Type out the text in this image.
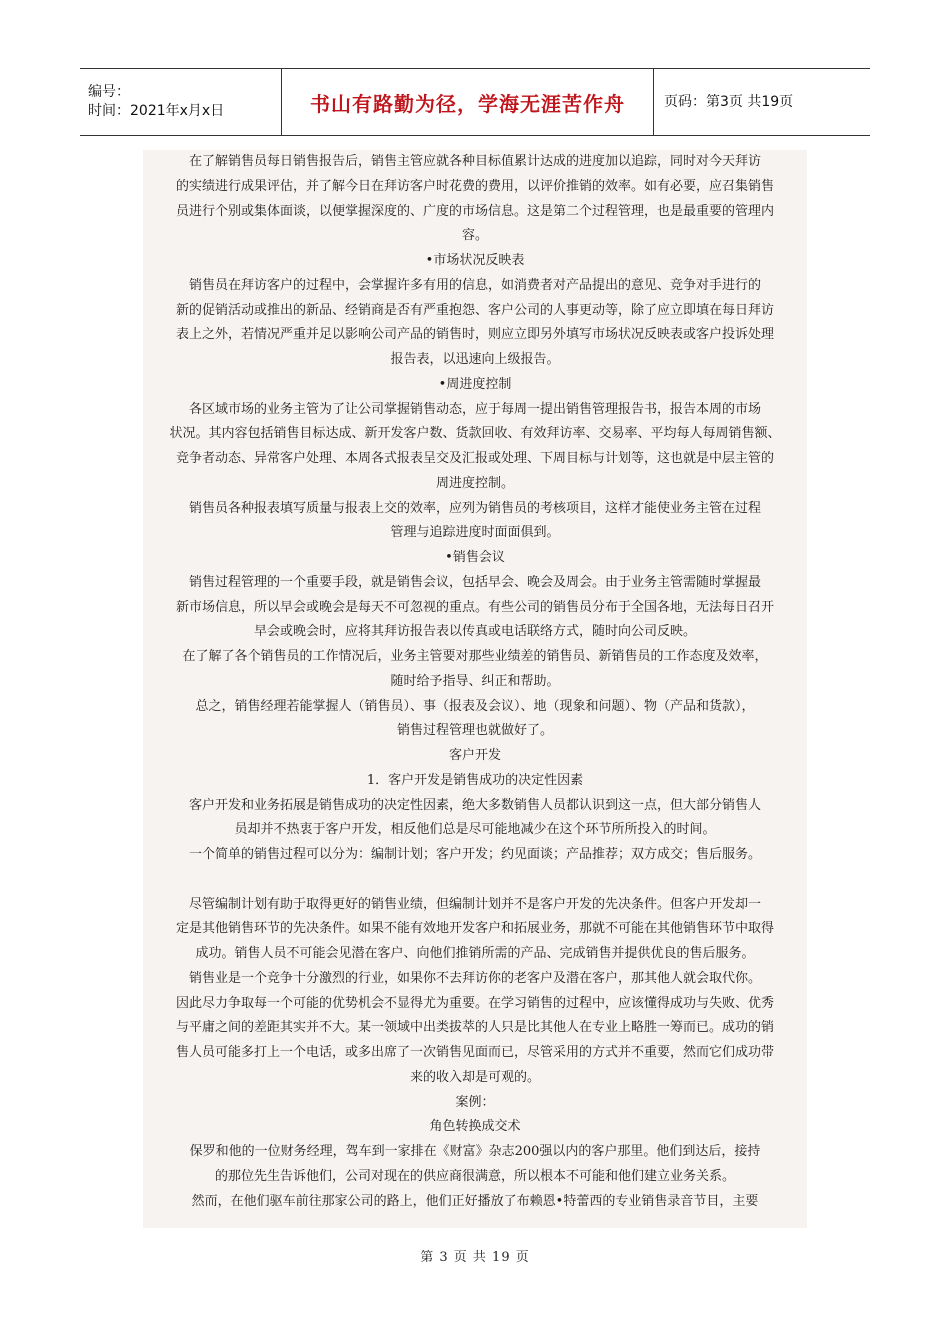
编号：
时间：2021年x月x日	书山有路勤为径，学海无涯苦作舟	页码：第3页 共19页
在了解销售员每日销售报告后，销售主管应就各种目标值累计达成的进度加以追踪，同时对今天拜访
的实绩进行成果评估，并了解今日在拜访客户时花费的费用，以评价推销的效率。如有必要，应召集销售
员进行个别或集体面谈，以便掌握深度的、广度的市场信息。这是第二个过程管理，也是最重要的管理内
容。
•市场状况反映表
销售员在拜访客户的过程中，会掌握许多有用的信息，如消费者对产品提出的意见、竞争对手进行的
新的促销活动或推出的新品、经销商是否有严重抱怨、客户公司的人事更动等，除了应立即填在每日拜访
表上之外，若情况严重并足以影响公司产品的销售时，则应立即另外填写市场状况反映表或客户投诉处理
报告表，以迅速向上级报告。
•周进度控制
各区域市场的业务主管为了让公司掌握销售动态，应于每周一提出销售管理报告书，报告本周的市场
状况。其内容包括销售目标达成、新开发客户数、货款回收、有效拜访率、交易率、平均每人每周销售额、
竞争者动态、异常客户处理、本周各式报表呈交及汇报或处理、下周目标与计划等，这也就是中层主管的
周进度控制。
销售员各种报表填写质量与报表上交的效率，应列为销售员的考核项目，这样才能使业务主管在过程
管理与追踪进度时面面俱到。
•销售会议
销售过程管理的一个重要手段，就是销售会议，包括早会、晚会及周会。由于业务主管需随时掌握最
新市场信息，所以早会或晚会是每天不可忽视的重点。有些公司的销售员分布于全国各地，无法每日召开
早会或晚会时，应将其拜访报告表以传真或电话联络方式，随时向公司反映。
在了解了各个销售员的工作情况后，业务主管要对那些业绩差的销售员、新销售员的工作态度及效率，
随时给予指导、纠正和帮助。
总之，销售经理若能掌握人（销售员）、事（报表及会议）、地（现象和问题）、物（产品和货款），
销售过程管理也就做好了。
客户开发
1．客户开发是销售成功的决定性因素
客户开发和业务拓展是销售成功的决定性因素，绝大多数销售人员都认识到这一点，但大部分销售人
员却并不热衷于客户开发，相反他们总是尽可能地减少在这个环节所所投入的时间。
一个简单的销售过程可以分为：编制计划；客户开发；约见面谈；产品推荐；双方成交；售后服务。
尽管编制计划有助于取得更好的销售业绩，但编制计划并不是客户开发的先决条件。但客户开发却一
定是其他销售环节的先决条件。如果不能有效地开发客户和拓展业务，那就不可能在其他销售环节中取得
成功。销售人员不可能会见潜在客户、向他们推销所需的产品、完成销售并提供优良的售后服务。
销售业是一个竞争十分激烈的行业，如果你不去拜访你的老客户及潜在客户，那其他人就会取代你。
因此尽力争取每一个可能的优势机会不显得尤为重要。在学习销售的过程中，应该懂得成功与失败、优秀
与平庸之间的差距其实并不大。某一领域中出类拔萃的人只是比其他人在专业上略胜一筹而已。成功的销
售人员可能多打上一个电话，或多出席了一次销售见面而已，尽管采用的方式并不重要，然而它们成功带
来的收入却是可观的。
案例：
角色转换成交术
保罗和他的一位财务经理，驾车到一家排在《财富》杂志200强以内的客户那里。他们到达后，接持
的那位先生告诉他们，公司对现在的供应商很满意，所以根本不可能和他们建立业务关系。
然而，在他们驱车前往那家公司的路上，他们正好播放了布赖恩•特蕾西的专业销售录音节目，主要
第 3 页 共 19 页
